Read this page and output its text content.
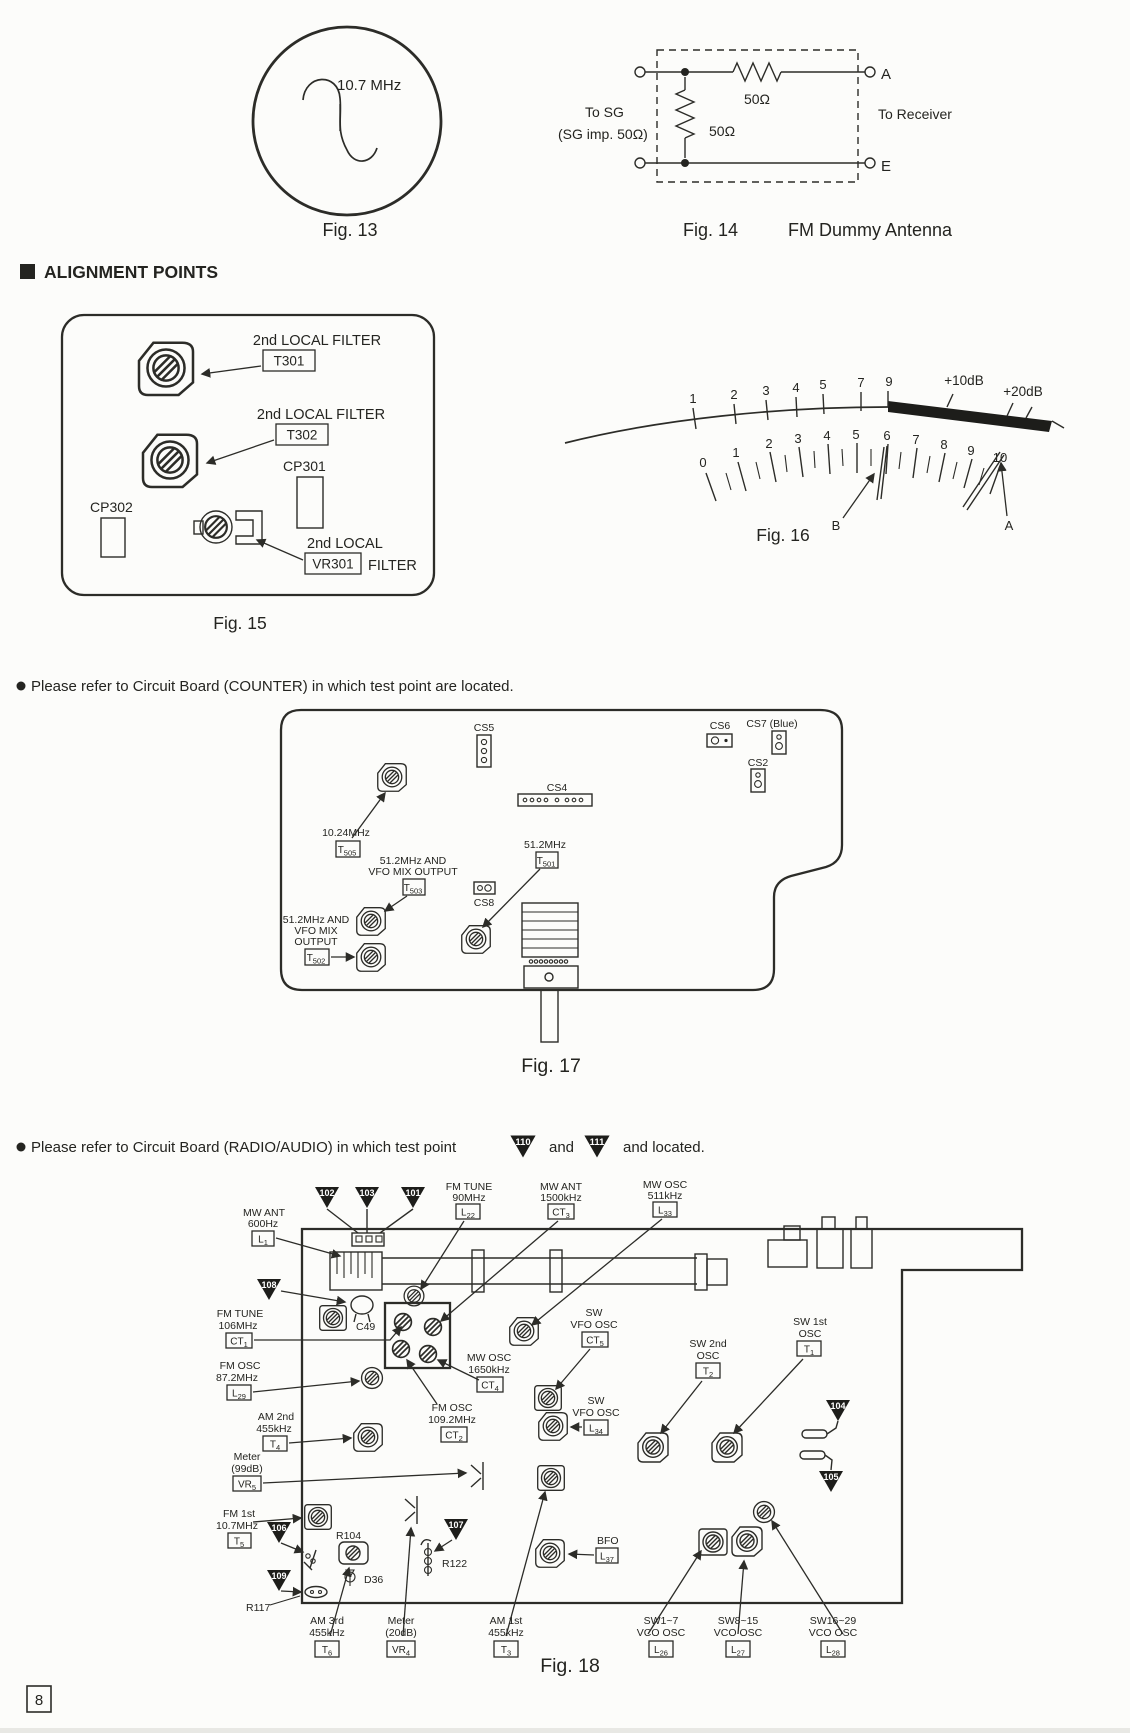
10.7 MHz
Fig. 13
50Ω
50Ω
To SG
(SG imp. 50Ω)
To Receiver
A
E
Fig. 14	FM Dummy Antenna
ALIGNMENT POINTS
2nd LOCAL FILTER
T301
2nd LOCAL FILTER
T302
CP301
CP302
2nd LOCAL
VR301 FILTER
Fig. 15
1	2 3 4 5 7 9	+10dB
+20dB
0
1
2 3 4 5 6 7 8 9 10
B	A
Fig. 16
Please refer to Circuit Board (COUNTER) in which test point are located.
CS5	CS6 CS7 (Blue)
CS2
CS4
CS8
10.24MHz
$T_{505}$
51.2MHz
$T_{501}$
51.2MHz AND
VFO MIX OUTPUT
$T_{503}$
51.2MHz AND
VFO MIX
OUTPUT
$T_{502}$
Fig. 17
Please refer to Circuit Board (RADIO/AUDIO) in which test point	110 and 111 and located.
102	103	101
MW ANT
600Hz
$L_1$
FM TUNE
90MHz
$L_{22}$
MW ANT
1500kHz
$CT_3$
MW OSC
511kHz
$L_{33}$
108
C49
FM TUNE
106MHz
$CT_1$
FM OSC
87.2MHz
$L_{29}$
MW OSC
1650kHz
$CT_4$
FM OSC
109.2MHz
$CT_2$
AM 2nd
455kHz
$T_4$
SW
VFO OSC
$CT_5$
SW
VFO OSC
$L_{34}$
SW 2nd
OSC
$T_2$
SW 1st
OSC
$T_1$
104
105
Meter
(99dB)
$VR_5$
FM 1st
10.7MHz
$T_5$
106
R104
D36
109
R117
107
R122
BFO
$L_{37}$
AM 3rd
455kHz
$T_6$
Meter
(20dB)
$VR_4$
AM 1st
455kHz
$T_3$
SW1~7
VCO OSC
$L_{26}$
SW8~15
VCO OSC
$L_{27}$
SW16~29
VCO OSC
$L_{28}$
Fig. 18
8
